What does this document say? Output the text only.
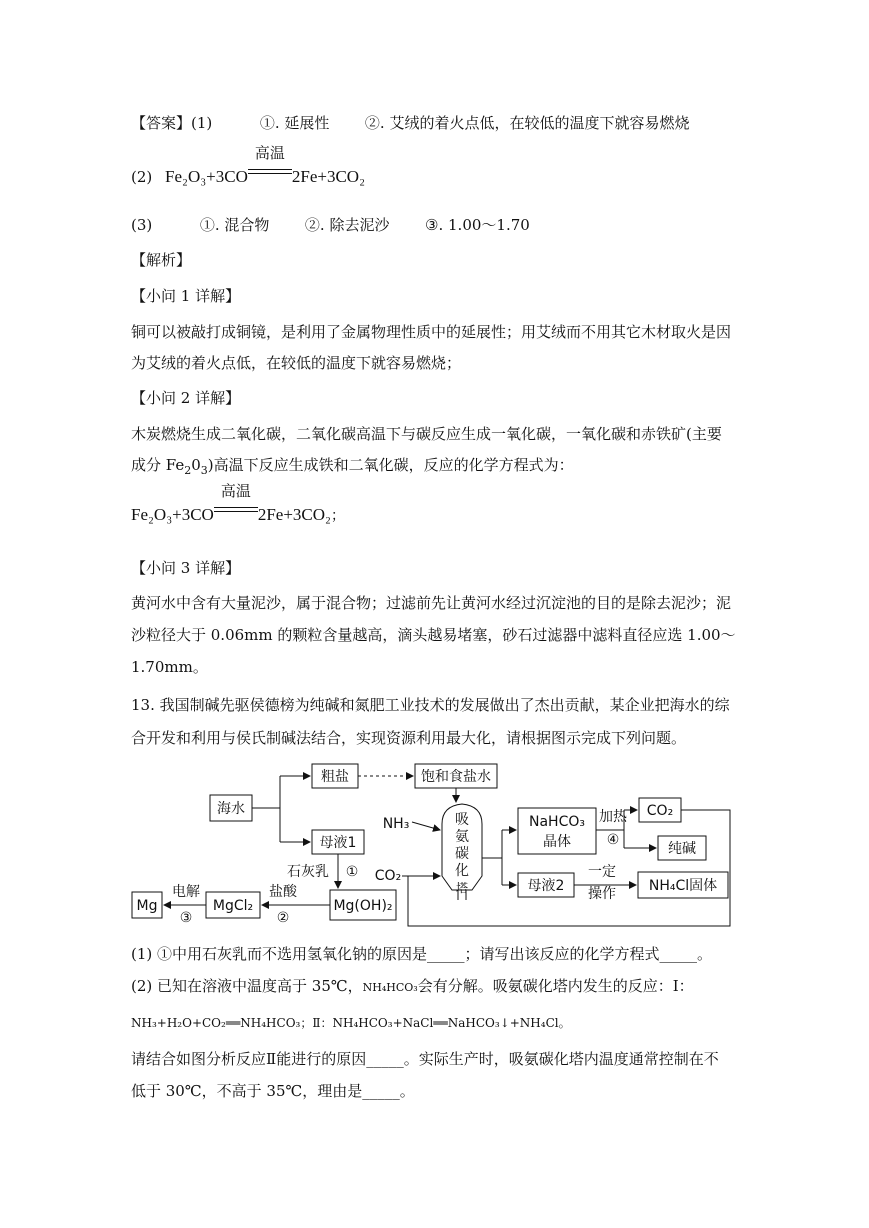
【答案】(1)	①. 延展性 ②. 艾绒的着火点低，在较低的温度下就容易燃烧
(2) Fe₂O₃+3CO
高温
2Fe+3CO₂
(3)	①. 混合物 ②. 除去泥沙 ③. 1.00～1.70
【解析】
【小问 1 详解】
铜可以被敲打成铜镜，是利用了金属物理性质中的延展性；用艾绒而不用其它木材取火是因
为艾绒的着火点低，在较低的温度下就容易燃烧；
【小问 2 详解】
木炭燃烧生成二氧化碳，二氧化碳高温下与碳反应生成一氧化碳，一氧化碳和赤铁矿(主要
成分 $Fe_20_3$)高温下反应生成铁和二氧化碳，反应的化学方程式为：
Fe₂O₃+3CO
高温
2Fe+3CO₂；
【小问 3 详解】
黄河水中含有大量泥沙，属于混合物；过滤前先让黄河水经过沉淀池的目的是除去泥沙；泥
沙粒径大于 0.06mm 的颗粒含量越高，滴头越易堵塞，砂石过滤器中滤料直径应选 1.00～
1.70mm。
13. 我国制碱先驱侯德榜为纯碱和氮肥工业技术的发展做出了杰出贡献，某企业把海水的综
合开发和利用与侯氏制碱法结合，实现资源利用最大化，请根据图示完成下列问题。
海水
粗盐	饱和食盐水
母液1
石灰乳 ①
Mg(OH)₂
盐酸
②
MgCl₂
电解
③
Mg
NH₃
CO₂
吸
氨
碳
化
塔
NaHCO₃
晶体
加热
④
CO₂
纯碱
母液2
一定
操作 NH₄Cl固体
(1) ①中用石灰乳而不选用氢氧化钠的原因是_____；请写出该反应的化学方程式_____。
(2) 已知在溶液中温度高于 35℃，NH₄HCO₃会有分解。吸氨碳化塔内发生的反应：Ⅰ：
NH₃+H₂O+CO₂══NH₄HCO₃；Ⅱ：NH₄HCO₃+NaCl══NaHCO₃↓+NH₄Cl。
请结合如图分析反应Ⅱ能进行的原因_____。实际生产时，吸氨碳化塔内温度通常控制在不
低于 30℃，不高于 35℃，理由是_____。
